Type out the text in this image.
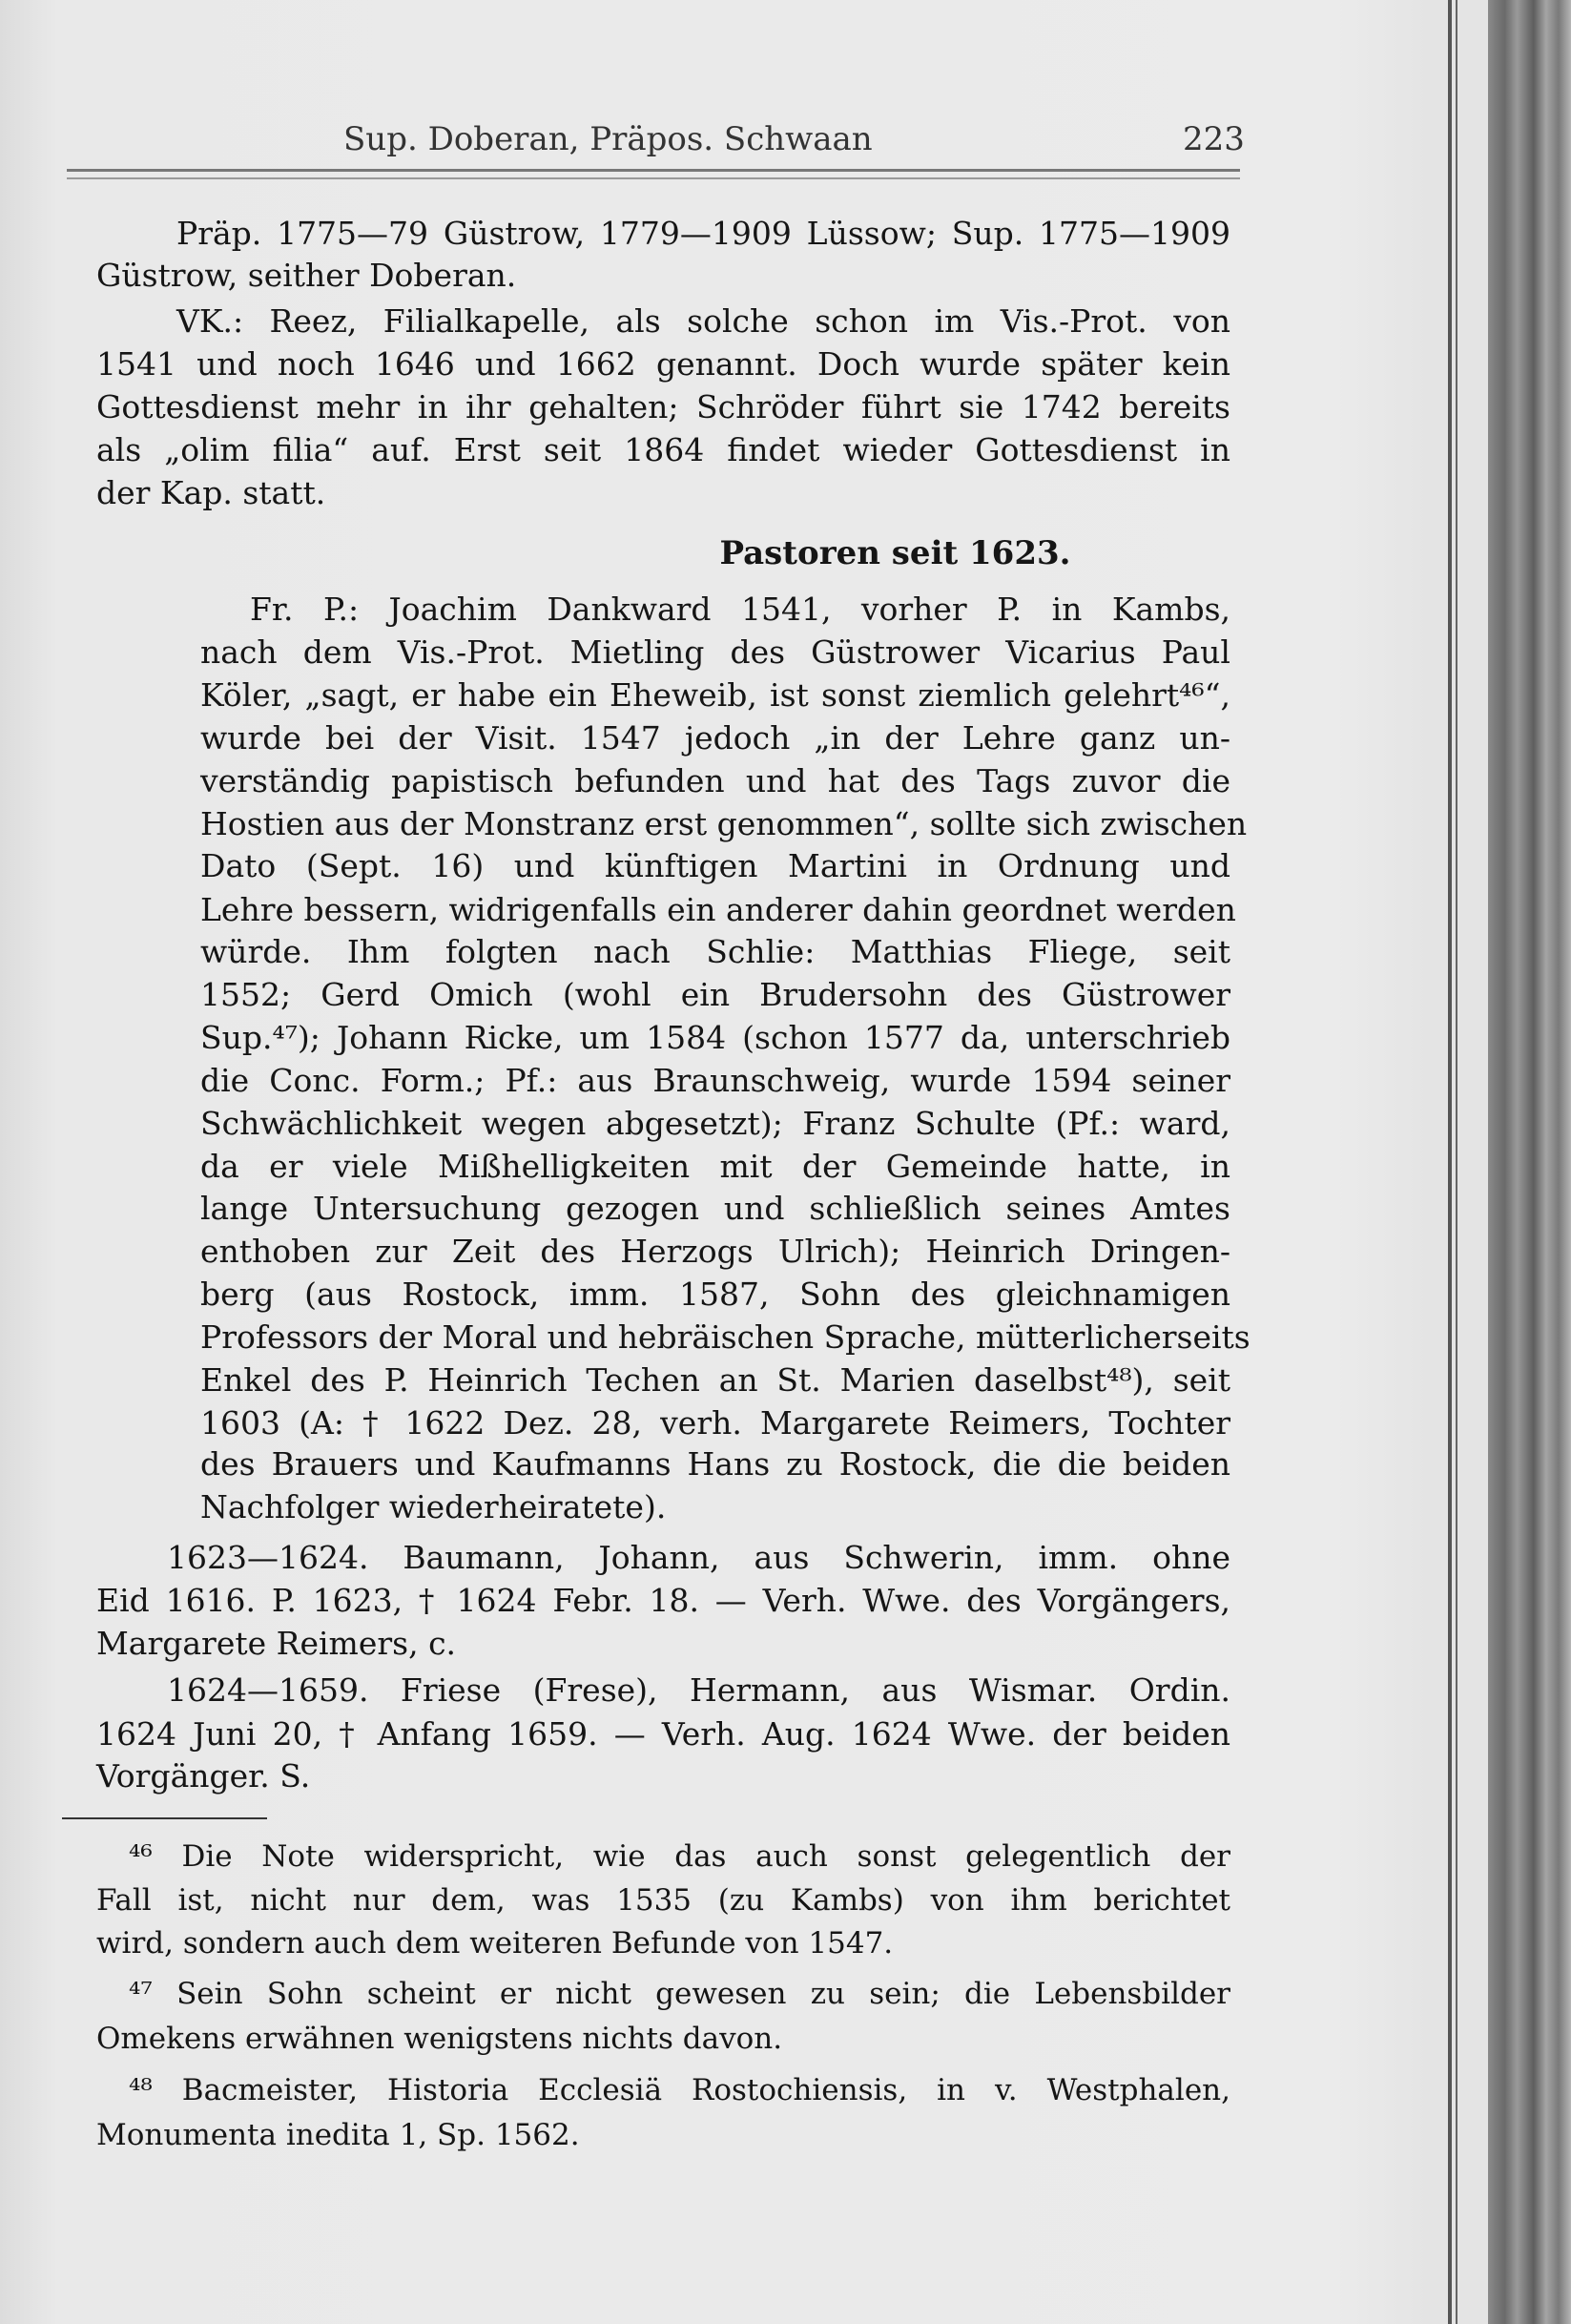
Sup. Doberan, Präpos. Schwaan	223
Pastoren seit 1623.
Präp. 1775—79 Güstrow, 1779—1909 Lüssow; Sup. 1775—1909
Güstrow, seither Doberan.
VK.: Reez, Filialkapelle, als solche schon im Vis.-Prot. von
1541 und noch 1646 und 1662 genannt. Doch wurde später kein
Gottesdienst mehr in ihr gehalten; Schröder führt sie 1742 bereits
als „olim filia“ auf. Erst seit 1864 findet wieder Gottesdienst in
der Kap. statt.
Fr. P.: Joachim Dankward 1541, vorher P. in Kambs,
nach dem Vis.-Prot. Mietling des Güstrower Vicarius Paul
Köler, „sagt, er habe ein Eheweib, ist sonst ziemlich gelehrt⁴⁶“,
wurde bei der Visit. 1547 jedoch „in der Lehre ganz un-
verständig papistisch befunden und hat des Tags zuvor die
Hostien aus der Monstranz erst genommen“, sollte sich zwischen
Dato (Sept. 16) und künftigen Martini in Ordnung und
Lehre bessern, widrigenfalls ein anderer dahin geordnet werden
würde. Ihm folgten nach Schlie: Matthias Fliege, seit
1552; Gerd Omich (wohl ein Brudersohn des Güstrower
Sup.⁴⁷); Johann Ricke, um 1584 (schon 1577 da, unterschrieb
die Conc. Form.; Pf.: aus Braunschweig, wurde 1594 seiner
Schwächlichkeit wegen abgesetzt); Franz Schulte (Pf.: ward,
da er viele Mißhelligkeiten mit der Gemeinde hatte, in
lange Untersuchung gezogen und schließlich seines Amtes
enthoben zur Zeit des Herzogs Ulrich); Heinrich Dringen-
berg (aus Rostock, imm. 1587, Sohn des gleichnamigen
Professors der Moral und hebräischen Sprache, mütterlicherseits
Enkel des P. Heinrich Techen an St. Marien daselbst⁴⁸), seit
1603 (A: † 1622 Dez. 28, verh. Margarete Reimers, Tochter
des Brauers und Kaufmanns Hans zu Rostock, die die beiden
Nachfolger wiederheiratete).
1623—1624. Baumann, Johann, aus Schwerin, imm. ohne
Eid 1616. P. 1623, † 1624 Febr. 18. — Verh. Wwe. des Vorgängers,
Margarete Reimers, c.
1624—1659. Friese (Frese), Hermann, aus Wismar. Ordin.
1624 Juni 20, † Anfang 1659. — Verh. Aug. 1624 Wwe. der beiden
Vorgänger. S.
⁴⁶ Die Note widerspricht, wie das auch sonst gelegentlich der
Fall ist, nicht nur dem, was 1535 (zu Kambs) von ihm berichtet
wird, sondern auch dem weiteren Befunde von 1547.
⁴⁷ Sein Sohn scheint er nicht gewesen zu sein; die Lebensbilder
Omekens erwähnen wenigstens nichts davon.
⁴⁸ Bacmeister, Historia Ecclesiä Rostochiensis, in v. Westphalen,
Monumenta inedita 1, Sp. 1562.
